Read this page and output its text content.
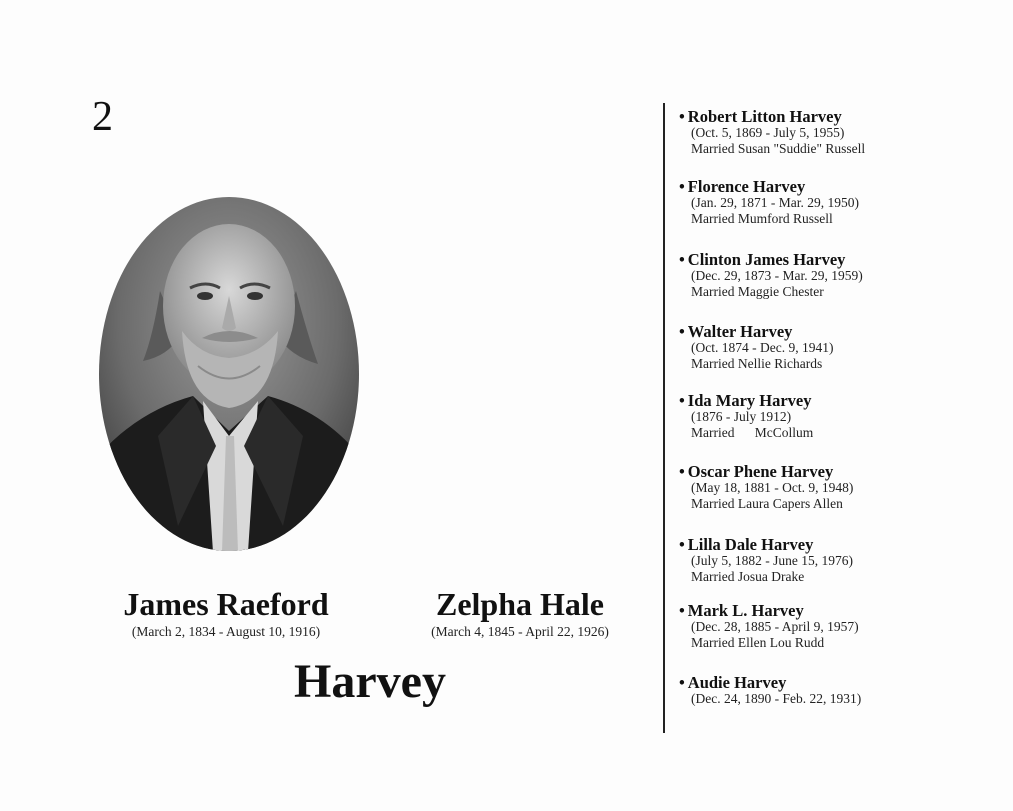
2
James Raeford
(March 2, 1834 - August 10, 1916)
Zelpha Hale
(March 4, 1845 - April 22, 1926)
Harvey
• Robert Litton Harvey
(Oct. 5, 1869 - July 5, 1955)
Married Susan "Suddie" Russell
• Florence Harvey
(Jan. 29, 1871 - Mar. 29, 1950)
Married Mumford Russell
• Clinton James Harvey
(Dec. 29, 1873 - Mar. 29, 1959)
Married Maggie Chester
• Walter Harvey
(Oct. 1874 - Dec. 9, 1941)
Married Nellie Richards
• Ida Mary Harvey
(1876 - July 1912)
Married      McCollum
• Oscar Phene Harvey
(May 18, 1881 - Oct. 9, 1948)
Married Laura Capers Allen
• Lilla Dale Harvey
(July 5, 1882 - June 15, 1976)
Married Josua Drake
• Mark L. Harvey
(Dec. 28, 1885 - April 9, 1957)
Married Ellen Lou Rudd
• Audie Harvey
(Dec. 24, 1890 - Feb. 22, 1931)
